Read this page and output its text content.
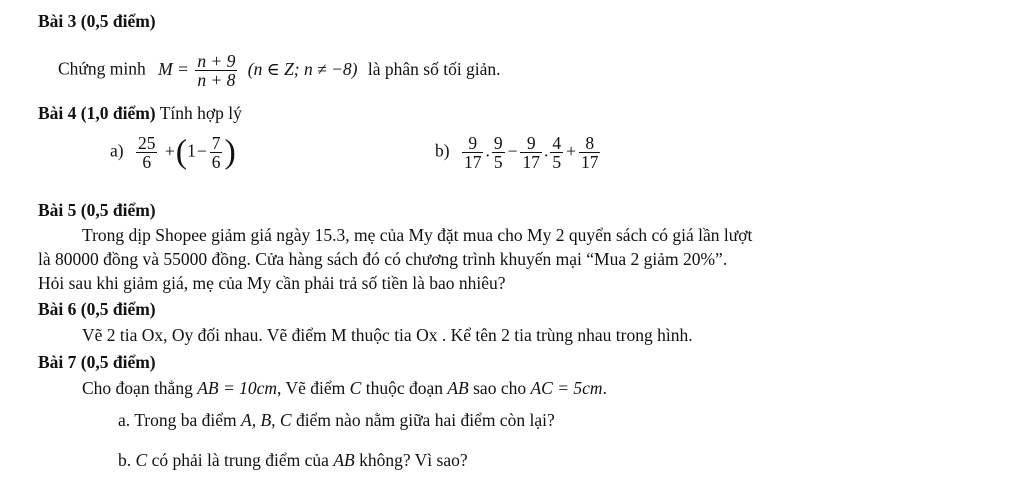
Bài 3 (0,5 điểm)
Chứng minh $M = \frac{n + 9}{n + 8} (n$ ∈ Z; n ≠ −8) là phân số tối giản.
Bài 4 (1,0 điểm) Tính hợp lý
$a) \frac{25}{6} +(1- \frac{7}{6}$ )	$b) \frac{9}{17}$ . $\frac{9}{5} - \frac{9}{17}$ . $\frac{4}{5} + \frac{8}{17}$
Bài 5 (0,5 điểm)
Trong dịp Shopee giảm giá ngày 15.3, mẹ của My đặt mua cho My 2 quyển sách có giá lần lượt
là 80000 đồng và 55000 đồng. Cửa hàng sách đó có chương trình khuyến mại “Mua 2 giảm 20%”.
Hỏi sau khi giảm giá, mẹ của My cần phải trả số tiền là bao nhiêu?
Bài 6 (0,5 điểm)
Vẽ 2 tia Ox, Oy đối nhau. Vẽ điểm M thuộc tia Ox . Kể tên 2 tia trùng nhau trong hình.
Bài 7 (0,5 điểm)
Cho đoạn thẳng AB = 10cm, Vẽ điểm C thuộc đoạn AB sao cho AC = 5cm.
a. Trong ba điểm A, B, C điểm nào nằm giữa hai điểm còn lại?
b. C có phải là trung điểm của AB không? Vì sao?
